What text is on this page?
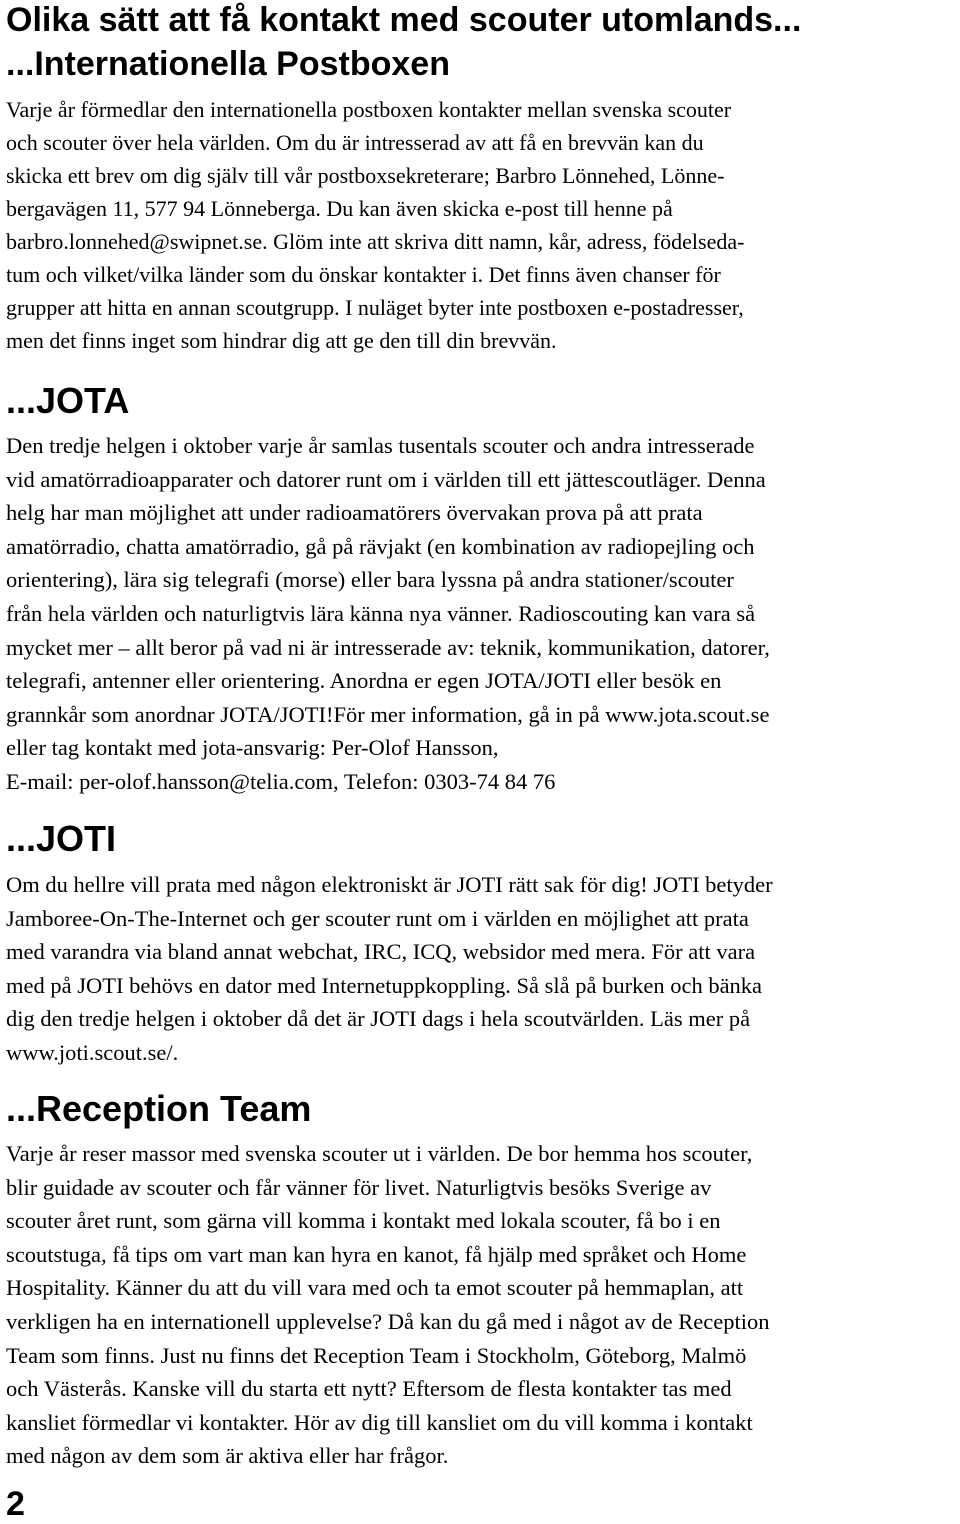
Olika sätt att få kontakt med scouter utomlands...
...Internationella Postboxen
Varje år förmedlar den internationella postboxen kontakter mellan svenska scouter
och scouter över hela världen. Om du är intresserad av att få en brevvän kan du
skicka ett brev om dig själv till vår postboxsekreterare; Barbro Lönnehed, Lönne-
bergavägen 11, 577 94 Lönneberga. Du kan även skicka e-post till henne på
barbro.lonnehed@swipnet.se. Glöm inte att skriva ditt namn, kår, adress, födelseda-
tum och vilket/vilka länder som du önskar kontakter i. Det finns även chanser för
grupper att hitta en annan scoutgrupp. I nuläget byter inte postboxen e-postadresser,
men det finns inget som hindrar dig att ge den till din brevvän.
...JOTA
Den tredje helgen i oktober varje år samlas tusentals scouter och andra intresserade
vid amatörradioapparater och datorer runt om i världen till ett jättescoutläger. Denna
helg har man möjlighet att under radioamatörers övervakan prova på att prata
amatörradio, chatta amatörradio, gå på rävjakt (en kombination av radiopejling och
orientering), lära sig telegrafi (morse) eller bara lyssna på andra stationer/scouter
från hela världen och naturligtvis lära känna nya vänner. Radioscouting kan vara så
mycket mer – allt beror på vad ni är intresserade av: teknik, kommunikation, datorer,
telegrafi, antenner eller orientering. Anordna er egen JOTA/JOTI eller besök en
grannkår som anordnar JOTA/JOTI!För mer information, gå in på www.jota.scout.se
eller tag kontakt med jota-ansvarig: Per-Olof Hansson,
E-mail: per-olof.hansson@telia.com, Telefon: 0303-74 84 76
...JOTI
Om du hellre vill prata med någon elektroniskt är JOTI rätt sak för dig! JOTI betyder
Jamboree-On-The-Internet och ger scouter runt om i världen en möjlighet att prata
med varandra via bland annat webchat, IRC, ICQ, websidor med mera. För att vara
med på JOTI behövs en dator med Internetuppkoppling. Så slå på burken och bänka
dig den tredje helgen i oktober då det är JOTI dags i hela scoutvärlden. Läs mer på
www.joti.scout.se/.
...Reception Team
Varje år reser massor med svenska scouter ut i världen. De bor hemma hos scouter,
blir guidade av scouter och får vänner för livet. Naturligtvis besöks Sverige av
scouter året runt, som gärna vill komma i kontakt med lokala scouter, få bo i en
scoutstuga, få tips om vart man kan hyra en kanot, få hjälp med språket och Home
Hospitality. Känner du att du vill vara med och ta emot scouter på hemmaplan, att
verkligen ha en internationell upplevelse? Då kan du gå med i något av de Reception
Team som finns. Just nu finns det Reception Team i Stockholm, Göteborg, Malmö
och Västerås. Kanske vill du starta ett nytt? Eftersom de flesta kontakter tas med
kansliet förmedlar vi kontakter. Hör av dig till kansliet om du vill komma i kontakt
med någon av dem som är aktiva eller har frågor.
2
